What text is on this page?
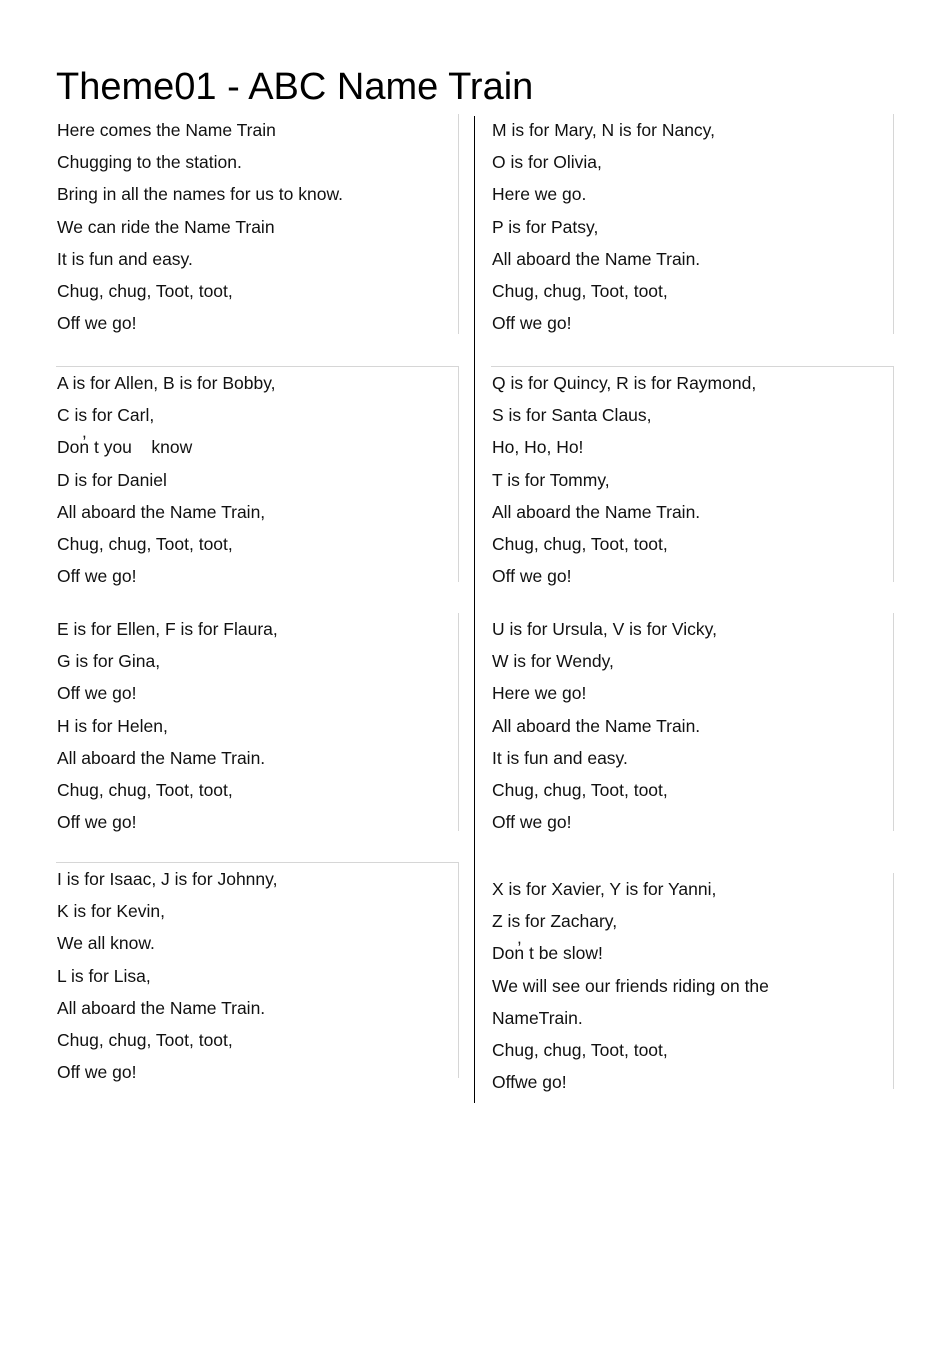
Theme01 - ABC Name Train
Here comes the Name Train
Chugging to the station.
Bring in all the names for us to know.
We can ride the Name Train
It is fun and easy.
Chug, chug, Toot, toot,
Off we go!
A is for Allen, B is for Bobby,
C is for Carl,
Don̓ t you    know
D is for Daniel
All aboard the Name Train,
Chug, chug, Toot, toot,
Off we go!
E is for Ellen, F is for Flaura,
G is for Gina,
Off we go!
H is for Helen,
All aboard the Name Train.
Chug, chug, Toot, toot,
Off we go!
I is for Isaac, J is for Johnny,
K is for Kevin,
We all know.
L is for Lisa,
All aboard the Name Train.
Chug, chug, Toot, toot,
Off we go!
M is for Mary, N is for Nancy,
O is for Olivia,
Here we go.
P is for Patsy,
All aboard the Name Train.
Chug, chug, Toot, toot,
Off we go!
Q is for Quincy, R is for Raymond,
S is for Santa Claus,
Ho, Ho, Ho!
T is for Tommy,
All aboard the Name Train.
Chug, chug, Toot, toot,
Off we go!
U is for Ursula, V is for Vicky,
W is for Wendy,
Here we go!
All aboard the Name Train.
It is fun and easy.
Chug, chug, Toot, toot,
Off we go!
X is for Xavier, Y is for Yanni,
Z is for Zachary,
Don̓ t be slow!
We will see our friends riding on the
NameTrain.
Chug, chug, Toot, toot,
Offwe go!
